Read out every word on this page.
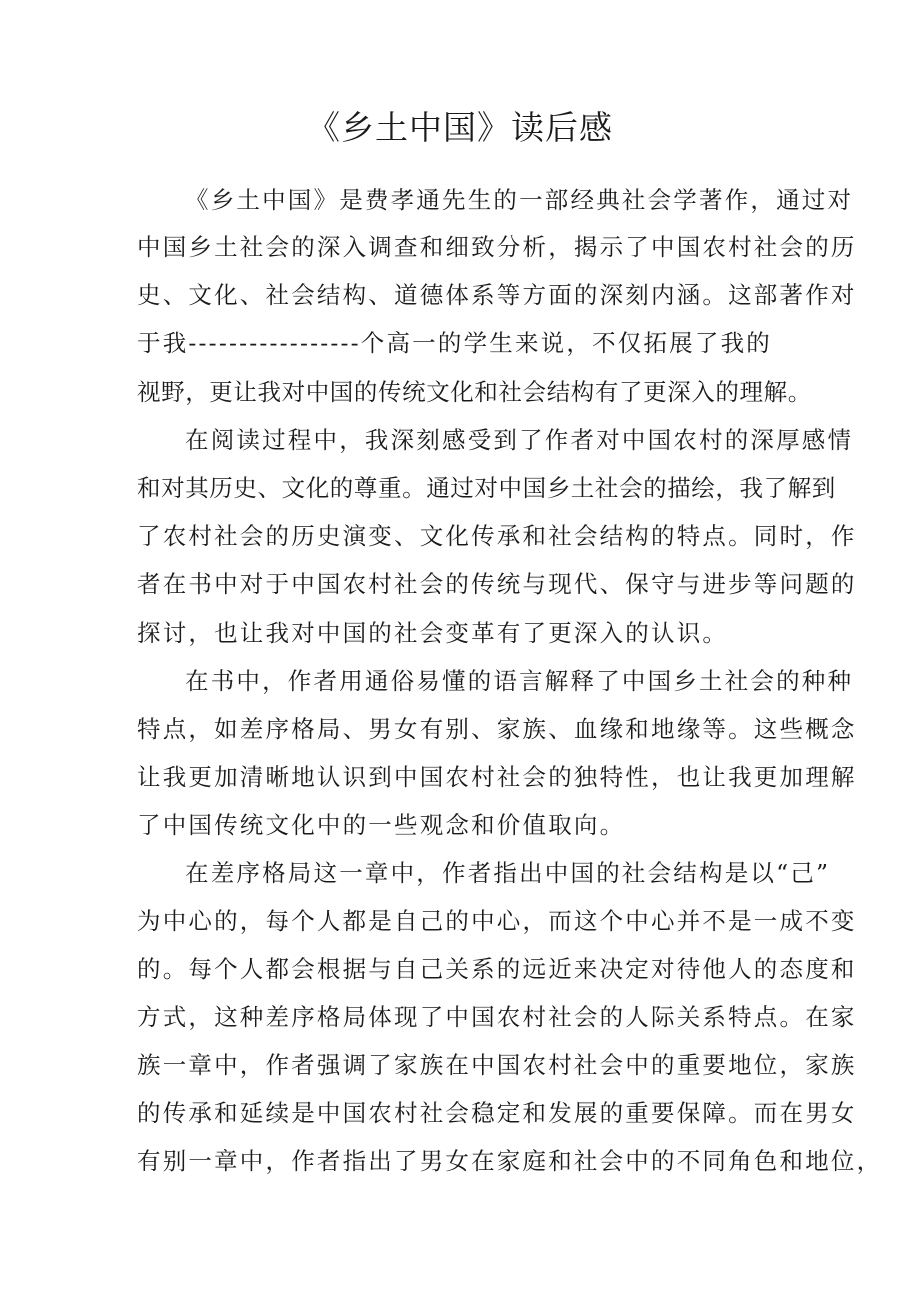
《乡土中国》读后感
《乡土中国》是费孝通先生的一部经典社会学著作，通过对
中国乡土社会的深入调查和细致分析，揭示了中国农村社会的历
史、文化、社会结构、道德体系等方面的深刻内涵。这部著作对
于我-----------------个高一的学生来说，不仅拓展了我的
视野，更让我对中国的传统文化和社会结构有了更深入的理解。
在阅读过程中，我深刻感受到了作者对中国农村的深厚感情
和对其历史、文化的尊重。通过对中国乡土社会的描绘，我了解到
了农村社会的历史演变、文化传承和社会结构的特点。同时，作
者在书中对于中国农村社会的传统与现代、保守与进步等问题的
探讨，也让我对中国的社会变革有了更深入的认识。
在书中，作者用通俗易懂的语言解释了中国乡土社会的种种
特点，如差序格局、男女有别、家族、血缘和地缘等。这些概念
让我更加清晰地认识到中国农村社会的独特性，也让我更加理解
了中国传统文化中的一些观念和价值取向。
在差序格局这一章中，作者指出中国的社会结构是以“己”
为中心的，每个人都是自己的中心，而这个中心并不是一成不变
的。每个人都会根据与自己关系的远近来决定对待他人的态度和
方式，这种差序格局体现了中国农村社会的人际关系特点。在家
族一章中，作者强调了家族在中国农村社会中的重要地位，家族
的传承和延续是中国农村社会稳定和发展的重要保障。而在男女
有别一章中，作者指出了男女在家庭和社会中的不同角色和地位，
